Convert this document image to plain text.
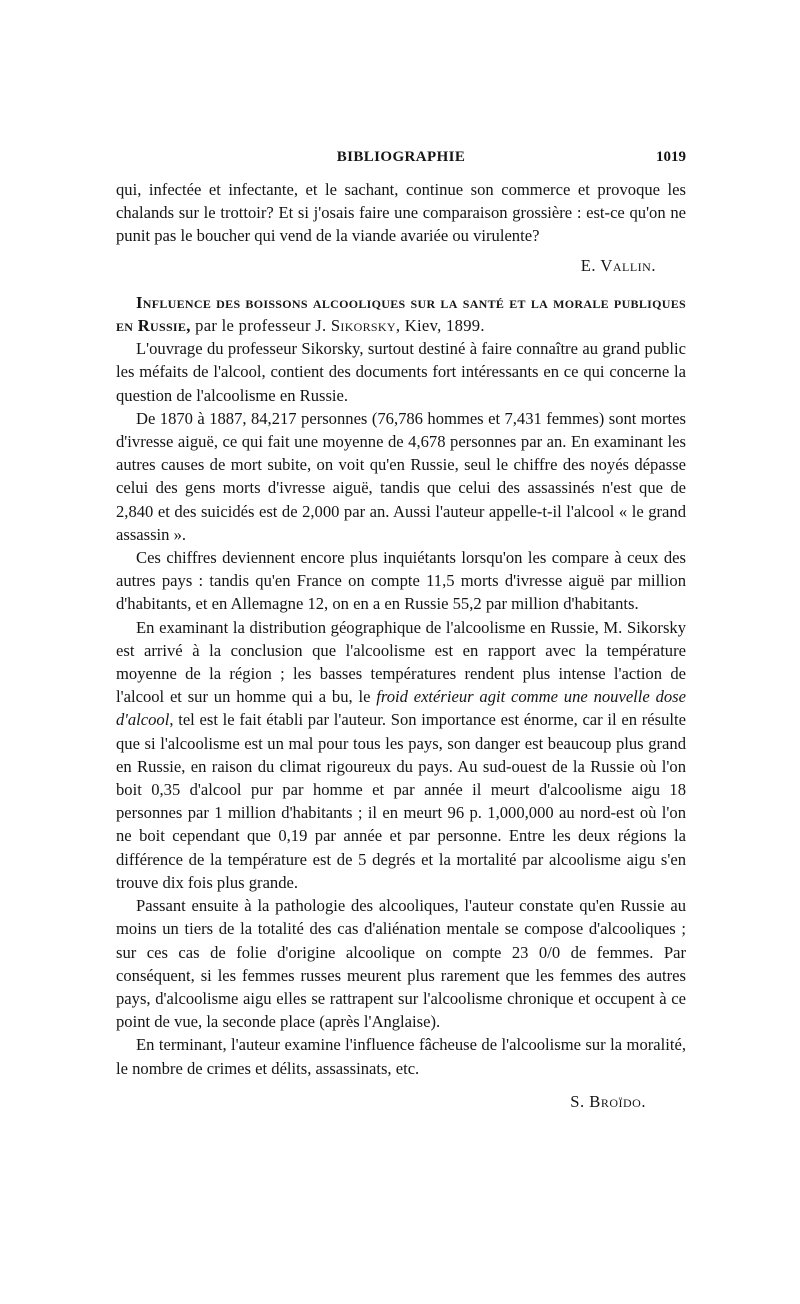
BIBLIOGRAPHIE	1019

qui, infectée et infectante, et le sachant, continue son commerce et provoque les chalands sur le trottoir? Et si j'osais faire une comparaison grossière : est-ce qu'on ne punit pas le boucher qui vend de la viande avariée ou virulente?

E. Vallin.

Influence des boissons alcooliques sur la santé et la morale publiques en Russie, par le professeur J. Sikorsky, Kiev, 1899.

L'ouvrage du professeur Sikorsky, surtout destiné à faire connaître au grand public les méfaits de l'alcool, contient des documents fort intéressants en ce qui concerne la question de l'alcoolisme en Russie.

De 1870 à 1887, 84,217 personnes (76,786 hommes et 7,431 femmes) sont mortes d'ivresse aiguë, ce qui fait une moyenne de 4,678 personnes par an. En examinant les autres causes de mort subite, on voit qu'en Russie, seul le chiffre des noyés dépasse celui des gens morts d'ivresse aiguë, tandis que celui des assassinés n'est que de 2,840 et des suicidés est de 2,000 par an. Aussi l'auteur appelle-t-il l'alcool « le grand assassin ».

Ces chiffres deviennent encore plus inquiétants lorsqu'on les compare à ceux des autres pays : tandis qu'en France on compte 11,5 morts d'ivresse aiguë par million d'habitants, et en Allemagne 12, on en a en Russie 55,2 par million d'habitants.

En examinant la distribution géographique de l'alcoolisme en Russie, M. Sikorsky est arrivé à la conclusion que l'alcoolisme est en rapport avec la température moyenne de la région ; les basses températures rendent plus intense l'action de l'alcool et sur un homme qui a bu, le froid extérieur agit comme une nouvelle dose d'alcool, tel est le fait établi par l'auteur. Son importance est énorme, car il en résulte que si l'alcoolisme est un mal pour tous les pays, son danger est beaucoup plus grand en Russie, en raison du climat rigoureux du pays. Au sud-ouest de la Russie où l'on boit 0,35 d'alcool pur par homme et par année il meurt d'alcoolisme aigu 18 personnes par 1 million d'habitants ; il en meurt 96 p. 1,000,000 au nord-est où l'on ne boit cependant que 0,19 par année et par personne. Entre les deux régions la différence de la température est de 5 degrés et la mortalité par alcoolisme aigu s'en trouve dix fois plus grande.

Passant ensuite à la pathologie des alcooliques, l'auteur constate qu'en Russie au moins un tiers de la totalité des cas d'aliénation mentale se compose d'alcooliques ; sur ces cas de folie d'origine alcoolique on compte 23 0/0 de femmes. Par conséquent, si les femmes russes meurent plus rarement que les femmes des autres pays, d'alcoolisme aigu elles se rattrapent sur l'alcoolisme chronique et occupent à ce point de vue, la seconde place (après l'Anglaise).

En terminant, l'auteur examine l'influence fâcheuse de l'alcoolisme sur la moralité, le nombre de crimes et délits, assassinats, etc.

S. Broïdo.
